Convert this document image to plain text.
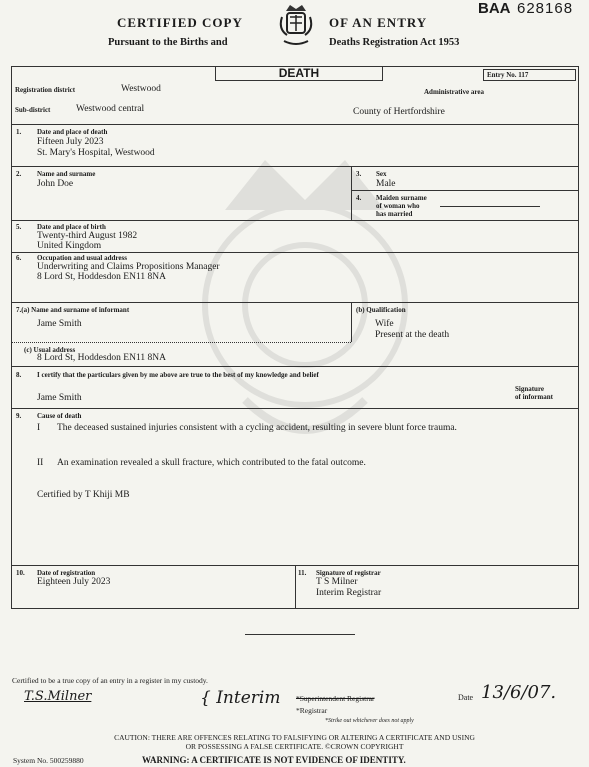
CERTIFIED COPY
Pursuant to the Births and
OF AN ENTRY
Deaths Registration Act 1953
BAA 628168
DEATH	Entry No. 117
Registration district	Westwood	Administrative area
Sub-district	Westwood central	County of Hertfordshire
1. Date and place of death
Fifteen July 2023
St. Mary's Hospital, Westwood
2. Name and surname
John Doe
3. Sex
Male
4. Maiden surname
of woman who
has married
5. Date and place of birth
Twenty-third August 1982
United Kingdom
6. Occupation and usual address
Underwriting and Claims Propositions Manager
8 Lord St, Hoddesdon EN11 8NA
7.(a) Name and surname of informant
Jame Smith
(b) Qualification
Wife
Present at the death
(c) Usual address
8 Lord St, Hoddesdon EN11 8NA
8. I certify that the particulars given by me above are true to the best of my knowledge and belief
Jame Smith
Signature
of informant
9. Cause of death
I The deceased sustained injuries consistent with a cycling accident, resulting in severe blunt force trauma.
II An examination revealed a skull fracture, which contributed to the fatal outcome.
Certified by T Khiji MB
10. Date of registration
Eighteen July 2023
11. Signature of registrar
T S Milner
Interim Registrar
Certified to be a true copy of an entry in a register in my custody.
T.S.Milner	{ Interim *Superintendent Registrar
*Registrar
*Strike out whichever does not apply
Date 13/6/07.
CAUTION: THERE ARE OFFENCES RELATING TO FALSIFYING OR ALTERING A CERTIFICATE AND USING
OR POSSESSING A FALSE CERTIFICATE. ©CROWN COPYRIGHT
System No. 500259880	WARNING: A CERTIFICATE IS NOT EVIDENCE OF IDENTITY.
